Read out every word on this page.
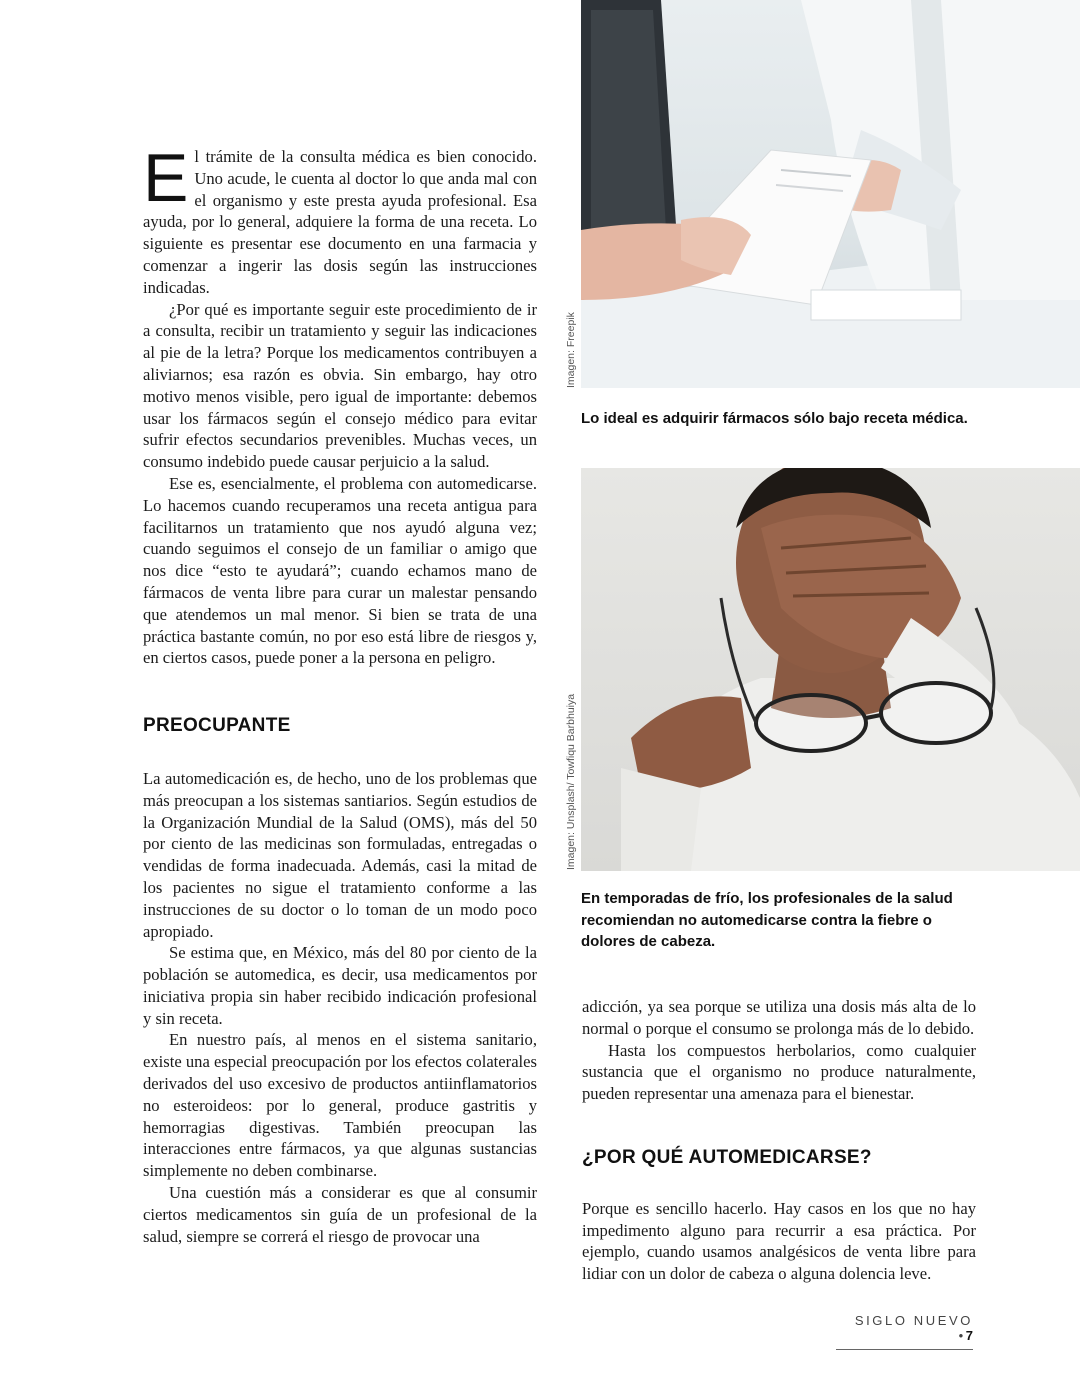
El trámite de la consulta médica es bien conocido. Uno acude, le cuenta al doctor lo que anda mal con el organismo y este presta ayuda profesional. Esa ayuda, por lo general, adquiere la forma de una receta. Lo siguiente es presentar ese documento en una farmacia y comenzar a ingerir las dosis según las instrucciones indicadas.

¿Por qué es importante seguir este procedimiento de ir a consulta, recibir un tratamiento y seguir las indicaciones al pie de la letra? Porque los medicamentos contribuyen a aliviarnos; esa razón es obvia. Sin embargo, hay otro motivo menos visible, pero igual de importante: debemos usar los fármacos según el consejo médico para evitar sufrir efectos secundarios prevenibles. Muchas veces, un consumo indebido puede causar perjuicio a la salud.

Ese es, esencialmente, el problema con automedicarse. Lo hacemos cuando recuperamos una receta antigua para facilitarnos un tratamiento que nos ayudó alguna vez; cuando seguimos el consejo de un familiar o amigo que nos dice “esto te ayudará”; cuando echamos mano de fármacos de venta libre para curar un malestar pensando que atendemos un mal menor. Si bien se trata de una práctica bastante común, no por eso está libre de riesgos y, en ciertos casos, puede poner a la persona en peligro.

PREOCUPANTE

La automedicación es, de hecho, uno de los problemas que más preocupan a los sistemas santiarios. Según estudios de la Organización Mundial de la Salud (OMS), más del 50 por ciento de las medicinas son formuladas, entregadas o vendidas de forma inadecuada. Además, casi la mitad de los pacientes no sigue el tratamiento conforme a las instrucciones de su doctor o lo toman de un modo poco apropiado.

Se estima que, en México, más del 80 por ciento de la población se automedica, es decir, usa medicamentos por iniciativa propia sin haber recibido indicación profesional y sin receta.

En nuestro país, al menos en el sistema sanitario, existe una especial preocupación por los efectos colaterales derivados del uso excesivo de productos antiinflamatorios no esteroideos: por lo general, produce gastritis y hemorragias digestivas. También preocupan las interacciones entre fármacos, ya que algunas sustancias simplemente no deben combinarse.

Una cuestión más a considerar es que al consumir ciertos medicamentos sin guía de un profesional de la salud, siempre se correrá el riesgo de provocar una

Imagen: Freepik
Lo ideal es adquirir fármacos sólo bajo receta médica.
Imagen: Unsplash/ Towfiqu Barbhuiya
En temporadas de frío, los profesionales de la salud recomiendan no automedicarse contra la fiebre o dolores de cabeza.

adicción, ya sea porque se utiliza una dosis más alta de lo normal o porque el consumo se prolonga más de lo debido.

Hasta los compuestos herbolarios, como cualquier sustancia que el organismo no produce naturalmente, pueden representar una amenaza para el bienestar.

¿POR QUÉ AUTOMEDICARSE?

Porque es sencillo hacerlo. Hay casos en los que no hay impedimento alguno para recurrir a esa práctica. Por ejemplo, cuando usamos analgésicos de venta libre para lidiar con un dolor de cabeza o alguna dolencia leve.

SIGLO NUEVO •7
